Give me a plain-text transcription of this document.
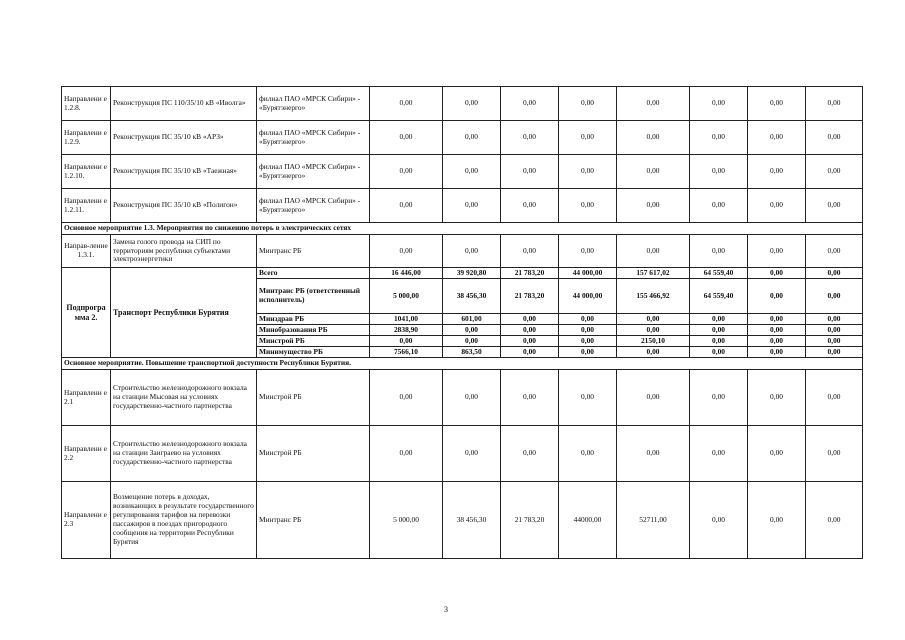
Направлени е 1.2.8.	Реконструкция ПС 110/35/10 кВ «Иволга»	филиал ПАО «МРСК Сибири» - «Бурятэнерго»	0,00	0,00	0,00	0,00	0,00	0,00	0,00	0,00
Направлени е 1.2.9.	Реконструкция ПС 35/10 кВ «АРЗ»	филиал ПАО «МРСК Сибири» - «Бурятэнерго»	0,00	0,00	0,00	0,00	0,00	0,00	0,00	0,00
Направлени е 1.2.10.	Реконструкция ПС 35/10 кВ «Таежная»	филиал ПАО «МРСК Сибири» - «Бурятэнерго»	0,00	0,00	0,00	0,00	0,00	0,00	0,00	0,00
Направлени е 1.2.11.	Реконструкция ПС 35/10 кВ «Полигон»	филиал ПАО «МРСК Сибири» - «Бурятэнерго»	0,00	0,00	0,00	0,00	0,00	0,00	0,00	0,00
Основное мероприятие 1.3. Мероприятия по снижению потерь в электрических сетях										
Направ-ление 1.3.1.	Замена голого провода на СИП по территориям республики субъектами электроэнергетики	Минтранс РБ	0,00	0,00	0,00	0,00	0,00	0,00	0,00	0,00
Подпрогра мма 2.	Транспорт Республики Бурятия	Всего	16 446,00	39 920,80	21 783,20	44 000,00	157 617,02	64 559,40	0,00	0,00
		Минтранс РБ (ответственный исполнитель)	5 000,00	38 456,30	21 783,20	44 000,00	155 466,92	64 559,40	0,00	0,00
		Минздрав РБ	1041,00	601,00	0,00	0,00	0,00	0,00	0,00	0,00
		Минобразования РБ	2838,90	0,00	0,00	0,00	0,00	0,00	0,00	0,00
		Минстрой РБ	0,00	0,00	0,00	0,00	2150,10	0,00	0,00	0,00
		Минимущество РБ	7566,10	863,50	0,00	0,00	0,00	0,00	0,00	0,00
Основное мероприятие. Повышение транспортной доступности Республики Бурятия.										
Направлени е 2.1	Строительство железнодорожного вокзала на станции Мысовая на условиях государственно-частного партнерства	Минстрой РБ	0,00	0,00	0,00	0,00	0,00	0,00	0,00	0,00
Направлени е 2.2	Строительство железнодорожного вокзала на станции Заиграево на условиях государственно-частного партнерства	Минстрой РБ	0,00	0,00	0,00	0,00	0,00	0,00	0,00	0,00
Направлени е 2.3	Возмещение потерь в доходах, возникающих в результате государственного регулирования тарифов на перевозки пассажиров в поездах пригородного сообщения на территории Республики Бурятия	Минтранс РБ	5 000,00	38 456,30	21 783,20	44000,00	52711,00	0,00	0,00	0,00
3
